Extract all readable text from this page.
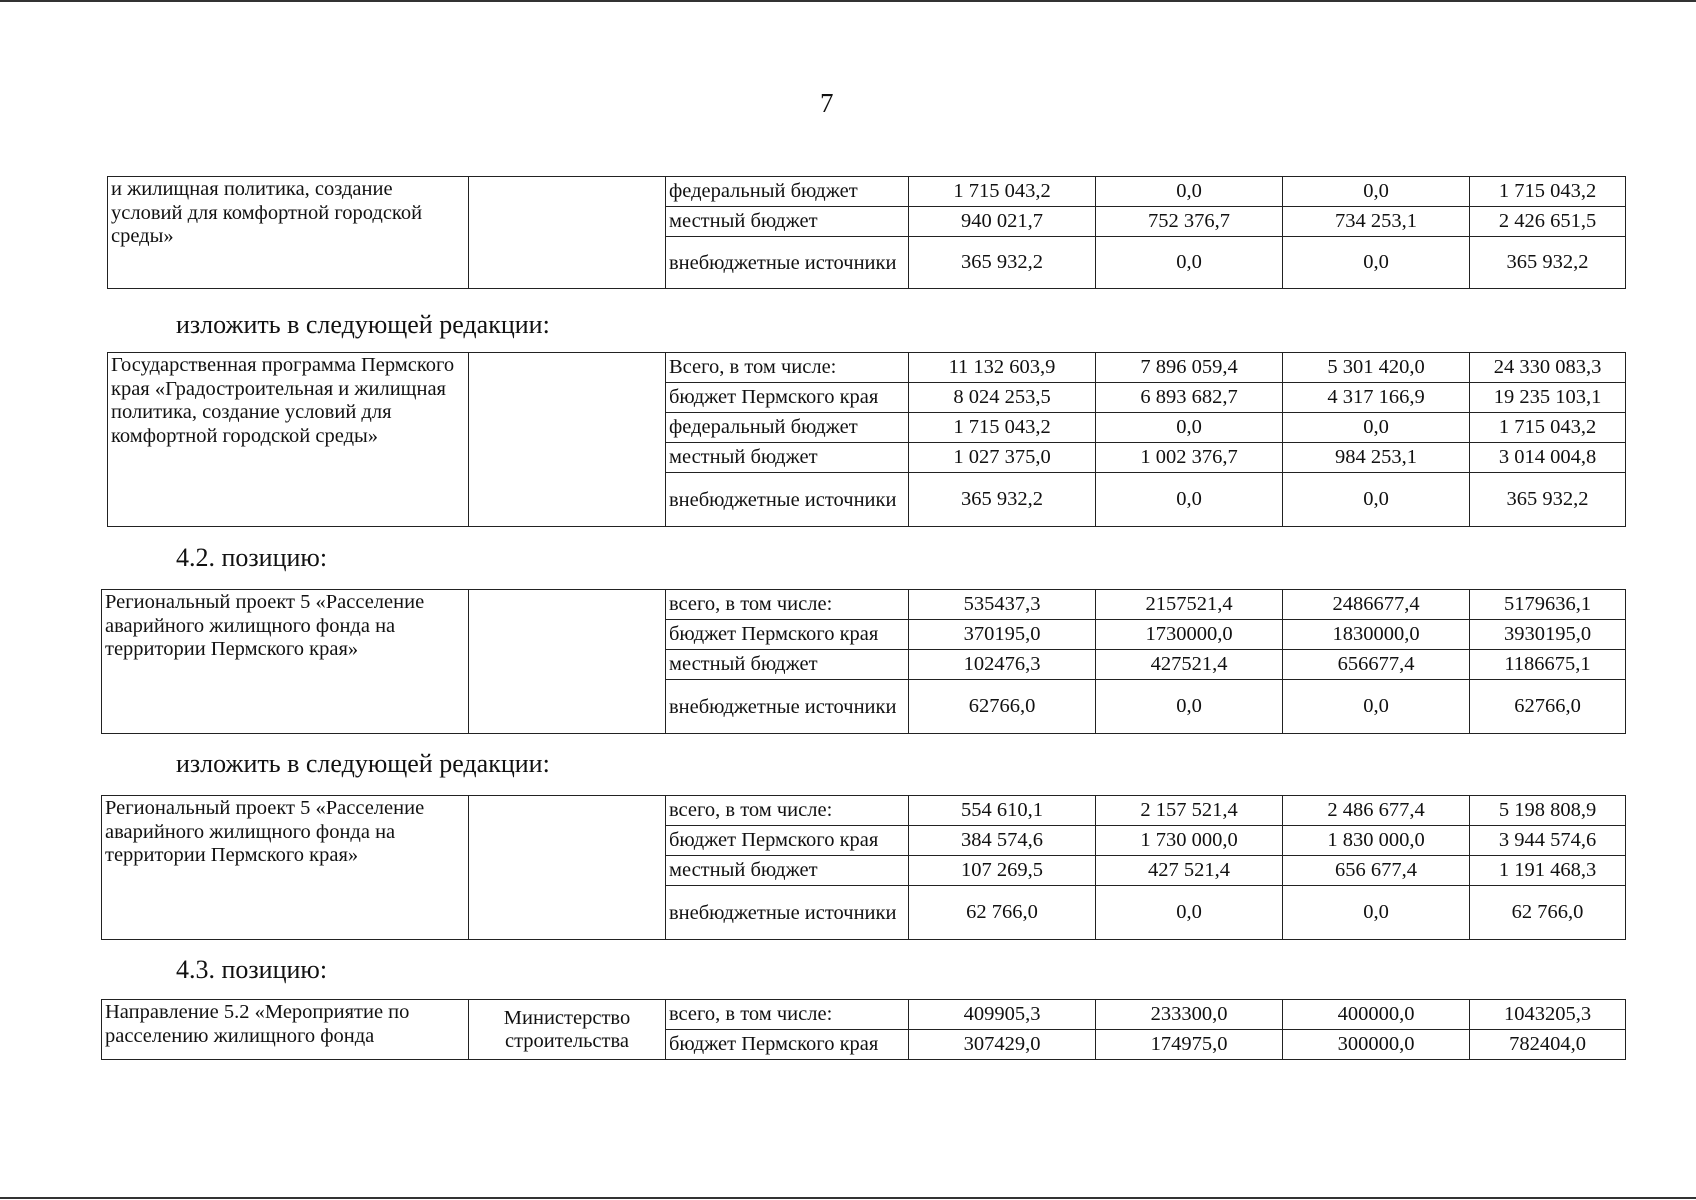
7
и жилищная политика, создание условий для комфортной городской среды»		федеральный бюджет	1 715 043,2	0,0	0,0	1 715 043,2
		местный бюджет	940 021,7	752 376,7	734 253,1	2 426 651,5
		внебюджетные источники	365 932,2	0,0	0,0	365 932,2
изложить в следующей редакции:
Государственная программа Пермского края «Градостроительная и жилищная политика, создание условий для комфортной городской среды»		Всего, в том числе:	11 132 603,9	7 896 059,4	5 301 420,0	24 330 083,3
		бюджет Пермского края	8 024 253,5	6 893 682,7	4 317 166,9	19 235 103,1
		федеральный бюджет	1 715 043,2	0,0	0,0	1 715 043,2
		местный бюджет	1 027 375,0	1 002 376,7	984 253,1	3 014 004,8
		внебюджетные источники	365 932,2	0,0	0,0	365 932,2
4.2. позицию:
Региональный проект 5 «Расселение аварийного жилищного фонда на территории Пермского края»		всего, в том числе:	535437,3	2157521,4	2486677,4	5179636,1
		бюджет Пермского края	370195,0	1730000,0	1830000,0	3930195,0
		местный бюджет	102476,3	427521,4	656677,4	1186675,1
		внебюджетные источники	62766,0	0,0	0,0	62766,0
изложить в следующей редакции:
Региональный проект 5 «Расселение аварийного жилищного фонда на территории Пермского края»		всего, в том числе:	554 610,1	2 157 521,4	2 486 677,4	5 198 808,9
		бюджет Пермского края	384 574,6	1 730 000,0	1 830 000,0	3 944 574,6
		местный бюджет	107 269,5	427 521,4	656 677,4	1 191 468,3
		внебюджетные источники	62 766,0	0,0	0,0	62 766,0
4.3. позицию:
Направление 5.2 «Мероприятие по расселению жилищного фонда	Министерство строительства	всего, в том числе:	409905,3	233300,0	400000,0	1043205,3
		бюджет Пермского края	307429,0	174975,0	300000,0	782404,0
